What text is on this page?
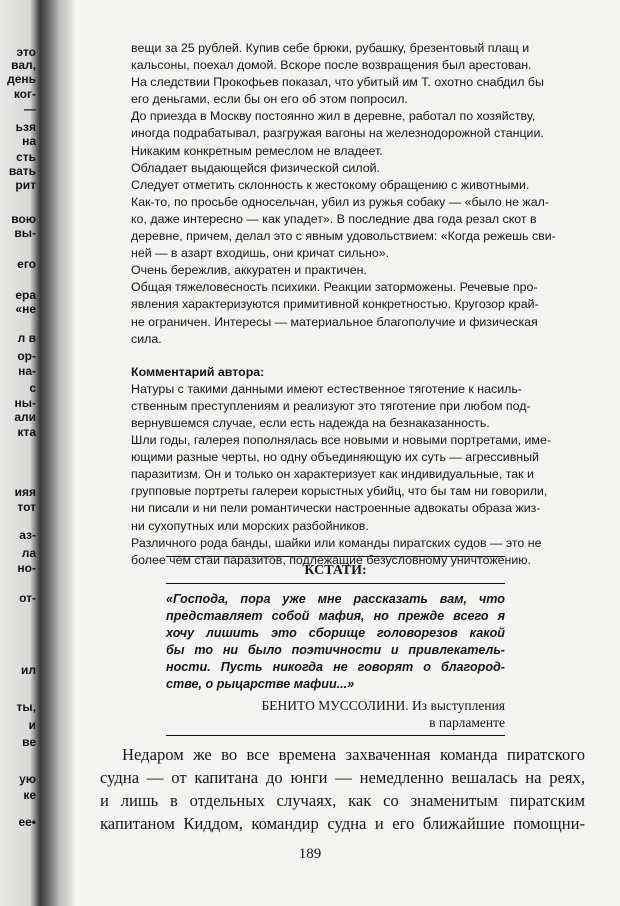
это
вал,
день
ког-
—
ьзя
на
сть
вать
рит
вою
вы-
его
ера
«не
л в
ор-
на-
с
ны-
али
кта
ияя
тот
аз-
ла
но-
от-
ил
ты,
и
ве
ую
ке
ее•
вещи за 25 рублей. Купив себе брюки, рубашку, брезентовый плащ и
кальсоны, поехал домой. Вскоре после возвращения был арестован.
На следствии Прокофьев показал, что убитый им Т. охотно снабдил бы
его деньгами, если бы он его об этом попросил.
До приезда в Москву постоянно жил в деревне, работал по хозяйству,
иногда подрабатывал, разгружая вагоны на железнодорожной станции.
Никаким конкретным ремеслом не владеет.
Обладает выдающейся физической силой.
Следует отметить склонность к жестокому обращению с животными.
Как-то, по просьбе односельчан, убил из ружья собаку — «было не жал-
ко, даже интересно — как упадет». В последние два года резал скот в
деревне, причем, делал это с явным удовольствием: «Когда режешь сви-
ней — в азарт входишь, они кричат сильно».
Очень бережлив, аккуратен и практичен.
Общая тяжеловесность психики. Реакции заторможены. Речевые про-
явления характеризуются примитивной конкретностью. Кругозор край-
не ограничен. Интересы — материальное благополучие и физическая
сила.
Комментарий автора:
Натуры с такими данными имеют естественное тяготение к насиль-
ственным преступлениям и реализуют это тяготение при любом под-
вернувшемся случае, если есть надежда на безнаказанность.
Шли годы, галерея пополнялась все новыми и новыми портретами, име-
ющими разные черты, но одну объединяющую их суть — агрессивный
паразитизм. Он и только он характеризует как индивидуальные, так и
групповые портреты галереи корыстных убийц, что бы там ни говорили,
ни писали и ни пели романтически настроенные адвокаты образа жиз-
ни сухопутных или морских разбойников.
Различного рода банды, шайки или команды пиратских судов — это не
более чем стаи паразитов, подлежащие безусловному уничтожению.
КСТАТИ:
«Господа, пора уже мне рассказать вам, что
представляет собой мафия, но прежде всего я
хочу лишить это сборище головорезов какой
бы то ни было поэтичности и привлекатель-
ности. Пусть никогда не говорят о благород-
стве, о рыцарстве мафии...»
БЕНИТО МУССОЛИНИ. Из выступления
в парламенте
Недаром же во все времена захваченная команда пиратского
судна — от капитана до юнги — немедленно вешалась на реях,
и лишь в отдельных случаях, как со знаменитым пиратским
капитаном Киддом, командир судна и его ближайшие помощни-
189
